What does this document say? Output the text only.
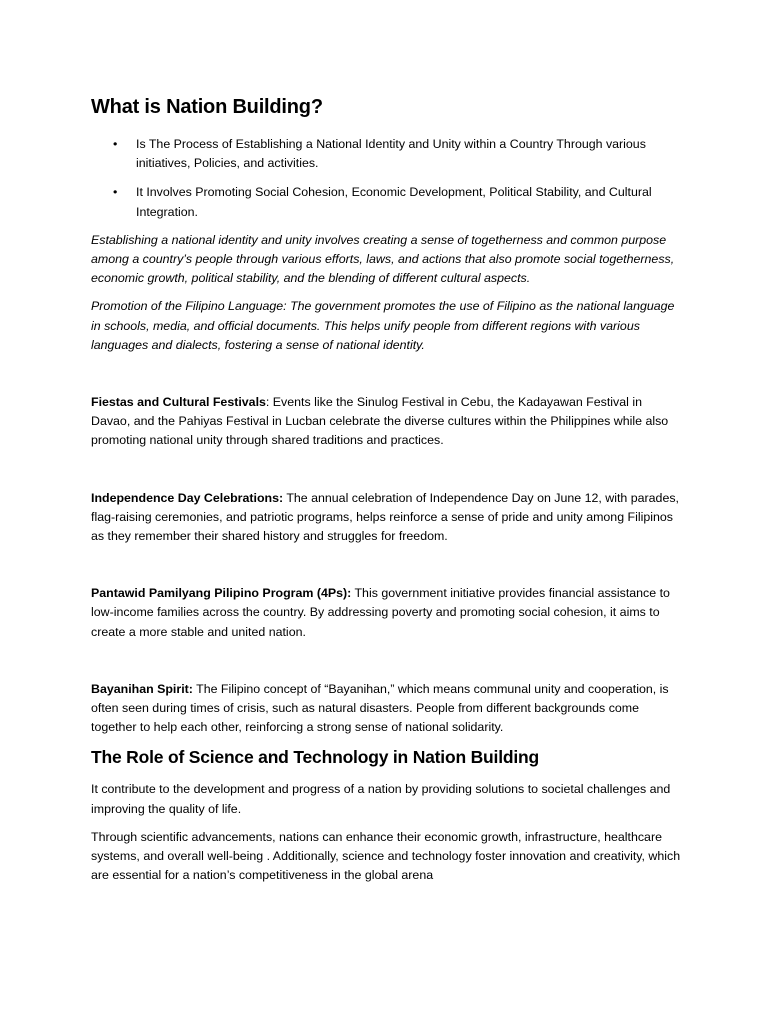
What is Nation Building?
• Is The Process of Establishing a National Identity and Unity within a Country Through various initiatives, Policies, and activities.
• It Involves Promoting Social Cohesion, Economic Development, Political Stability, and Cultural Integration.

Establishing a national identity and unity involves creating a sense of togetherness and common purpose among a country’s people through various efforts, laws, and actions that also promote social togetherness, economic growth, political stability, and the blending of different cultural aspects.

Promotion of the Filipino Language: The government promotes the use of Filipino as the national language in schools, media, and official documents. This helps unify people from different regions with various languages and dialects, fostering a sense of national identity.

Fiestas and Cultural Festivals: Events like the Sinulog Festival in Cebu, the Kadayawan Festival in Davao, and the Pahiyas Festival in Lucban celebrate the diverse cultures within the Philippines while also promoting national unity through shared traditions and practices.

Independence Day Celebrations: The annual celebration of Independence Day on June 12, with parades, flag-raising ceremonies, and patriotic programs, helps reinforce a sense of pride and unity among Filipinos as they remember their shared history and struggles for freedom.

Pantawid Pamilyang Pilipino Program (4Ps): This government initiative provides financial assistance to low-income families across the country. By addressing poverty and promoting social cohesion, it aims to create a more stable and united nation.

Bayanihan Spirit: The Filipino concept of “Bayanihan,” which means communal unity and cooperation, is often seen during times of crisis, such as natural disasters. People from different backgrounds come together to help each other, reinforcing a strong sense of national solidarity.

The Role of Science and Technology in Nation Building

It contribute to the development and progress of a nation by providing solutions to societal challenges and improving the quality of life.

Through scientific advancements, nations can enhance their economic growth, infrastructure, healthcare systems, and overall well-being . Additionally, science and technology foster innovation and creativity, which are essential for a nation’s competitiveness in the global arena
